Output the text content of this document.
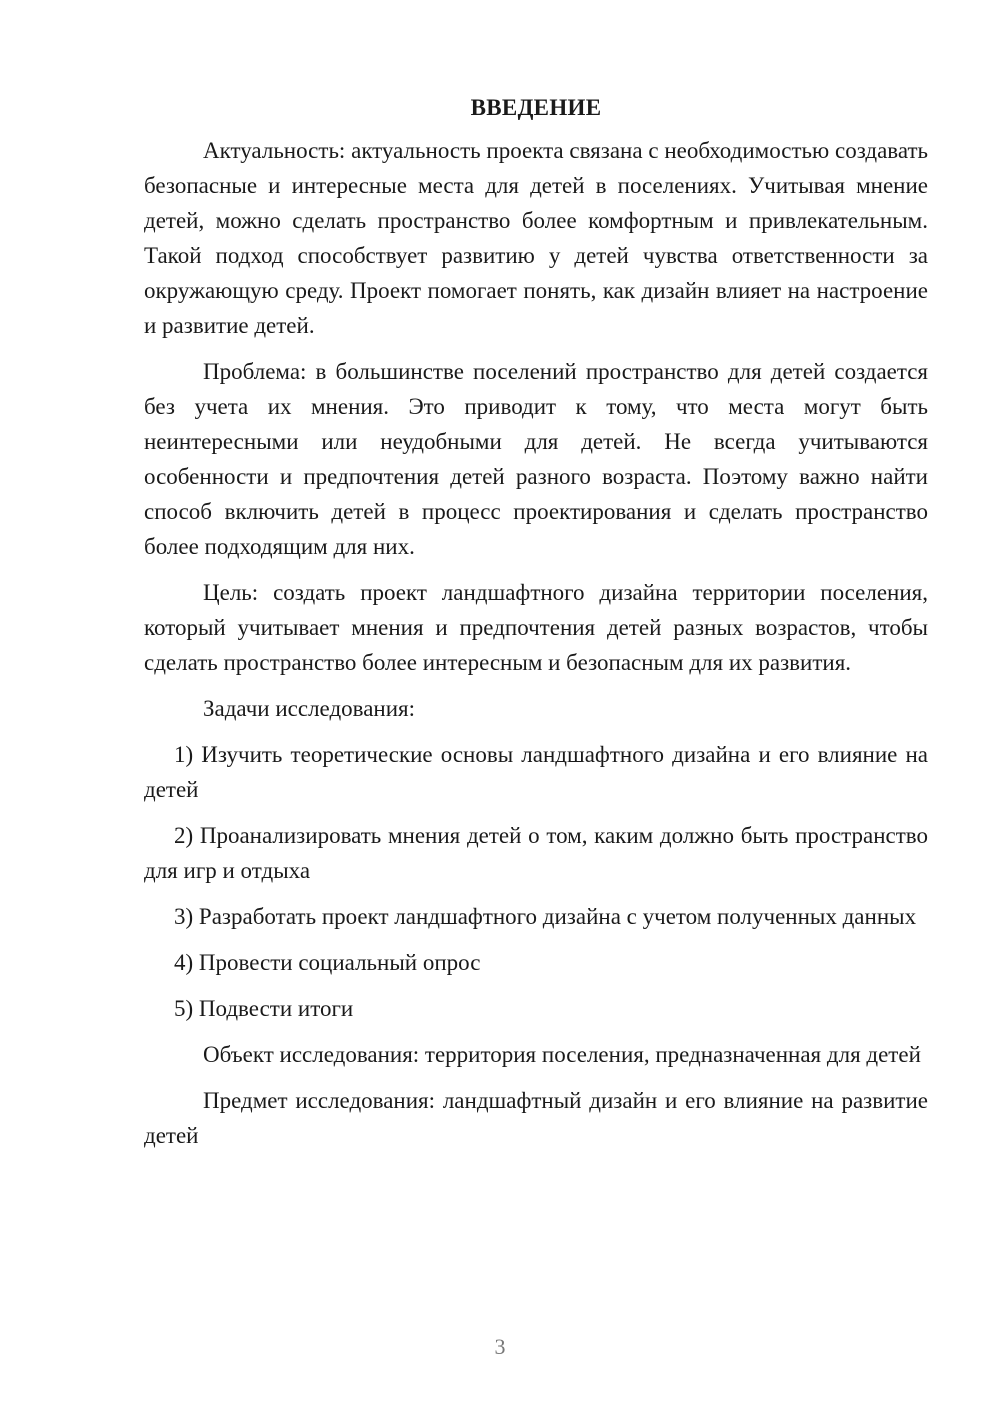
ВВЕДЕНИЕ

Актуальность: актуальность проекта связана с необходимостью создавать безопасные и интересные места для детей в поселениях. Учитывая мнение детей, можно сделать пространство более комфортным и привлекательным. Такой подход способствует развитию у детей чувства ответственности за окружающую среду. Проект помогает понять, как дизайн влияет на настроение и развитие детей.

Проблема: в большинстве поселений пространство для детей создается без учета их мнения. Это приводит к тому, что места могут быть неинтересными или неудобными для детей. Не всегда учитываются особенности и предпочтения детей разного возраста. Поэтому важно найти способ включить детей в процесс проектирования и сделать пространство более подходящим для них.

Цель: создать проект ландшафтного дизайна территории поселения, который учитывает мнения и предпочтения детей разных возрастов, чтобы сделать пространство более интересным и безопасным для их развития.

Задачи исследования:

1) Изучить теоретические основы ландшафтного дизайна и его влияние на детей

2) Проанализировать мнения детей о том, каким должно быть пространство для игр и отдыха

3) Разработать проект ландшафтного дизайна с учетом полученных данных

4) Провести социальный опрос

5) Подвести итоги

Объект исследования: территория поселения, предназначенная для детей

Предмет исследования: ландшафтный дизайн и его влияние на развитие детей

3
